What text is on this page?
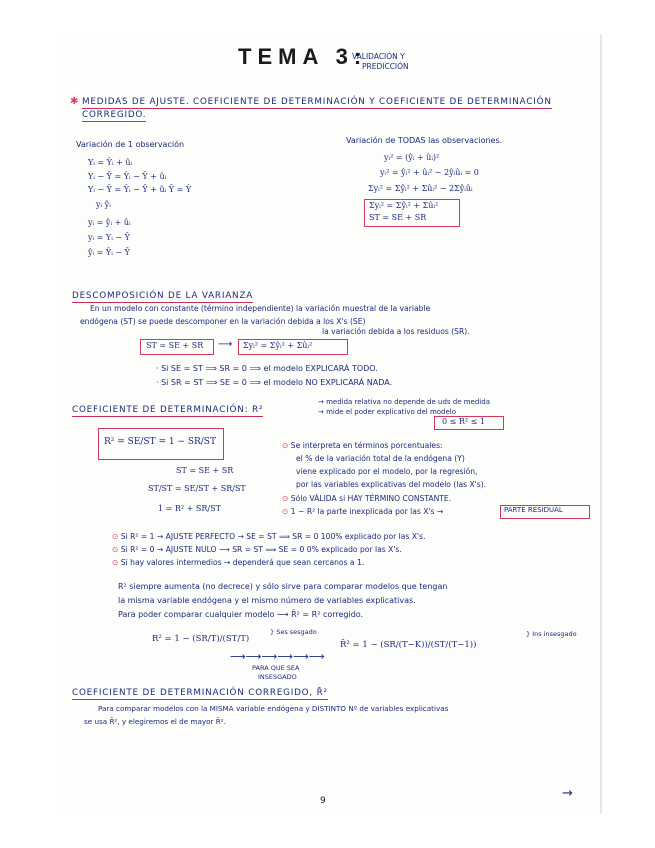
TEMA 3:
VALIDACIÓN Y
PREDICCIÓN
✱ MEDIDAS DE AJUSTE. COEFICIENTE DE DETERMINACIÓN Y COEFICIENTE DE DETERMINACIÓN
CORREGIDO.
Variación de 1 observación
Yᵢ = Ŷᵢ + ûᵢ
Yᵢ − Ȳ = Ŷᵢ − Ȳ + ûᵢ
Yᵢ − Ȳ = Ŷᵢ − Ȳ + ûᵢ Ȳ = Ŷ
yᵢ ŷᵢ
yᵢ = ŷᵢ + ûᵢ
yᵢ = Yᵢ − Ȳ
ŷᵢ = Ŷᵢ − Ȳ
Variación de TODAS las observaciones.
yᵢ² = (ŷᵢ + ûᵢ)²
yᵢ² = ŷᵢ² + ûᵢ² − 2ŷᵢûᵢ = 0
Σyᵢ² = Σŷᵢ² + Σûᵢ² − 2Σŷᵢûᵢ
Σyᵢ² = Σŷᵢ² + Σûᵢ²
ST = SE + SR
DESCOMPOSICIÓN DE LA VARIANZA
En un modelo con constante (término independiente) la variación muestral de la variable
endógena (ST) se puede descomponer en la variación debida a los X's (SE)
la variación debida a los residuos (SR).
ST = SE + SR ⟶ Σyᵢ² = Σŷᵢ² + Σûᵢ²
· Si SE = ST ⟹ SR = 0 ⟹ el modelo EXPLICARÁ TODO.
· Si SR = ST ⟹ SE = 0 ⟹ el modelo NO EXPLICARÁ NADA.
COEFICIENTE DE DETERMINACIÓN: R²
→ medida relativa no depende de uds de medida
→ mide el poder explicativo del modelo
0 ≤ R² ≤ 1
R² = SE/ST = 1 − SR/ST
ST = SE + SR
ST/ST = SE/ST + SR/ST
1 = R² + SR/ST
⊙ Se interpreta en términos porcentuales:
el % de la variación total de la endógena (Y)
viene explicado por el modelo, por la regresión,
por las variables explicativas del modelo (las X's).
⊙ Sólo VÁLIDA si HAY TÉRMINO CONSTANTE.
⊙ 1 − R² la parte inexplicada por las X's →	PARTE RESIDUAL
⊙ Si R² = 1 → AJUSTE PERFECTO → SE = ST ⟹ SR = 0 100% explicado por las X's.
⊙ Si R² = 0 → AJUSTE NULO ⟶ SR = ST ⟹ SE = 0 0% explicado por las X's.
⊙ Si hay valores intermedios → dependerá que sean cercanos a 1.
R² siempre aumenta (no decrece) y sólo sirve para comparar modelos que tengan
la misma variable endógena y el mismo número de variables explicativas.
Para poder comparar cualquier modelo ⟶ R̄² = R² corregido.
R² = 1 − (SR/T)/(ST/T)
} Ses sesgado
⟶⟶⟶⟶⟶⟶
PARA QUE SEA
INSESGADO
R̄² = 1 − (SR/(T−K))/(ST/(T−1))
} Ins insesgado
COEFICIENTE DE DETERMINACIÓN CORREGIDO, R̄²
Para comparar modelos con la MISMA variable endógena y DISTINTO Nº de variables explicativas
se usa R̄², y elegiremos el de mayor R̄².
9	→
